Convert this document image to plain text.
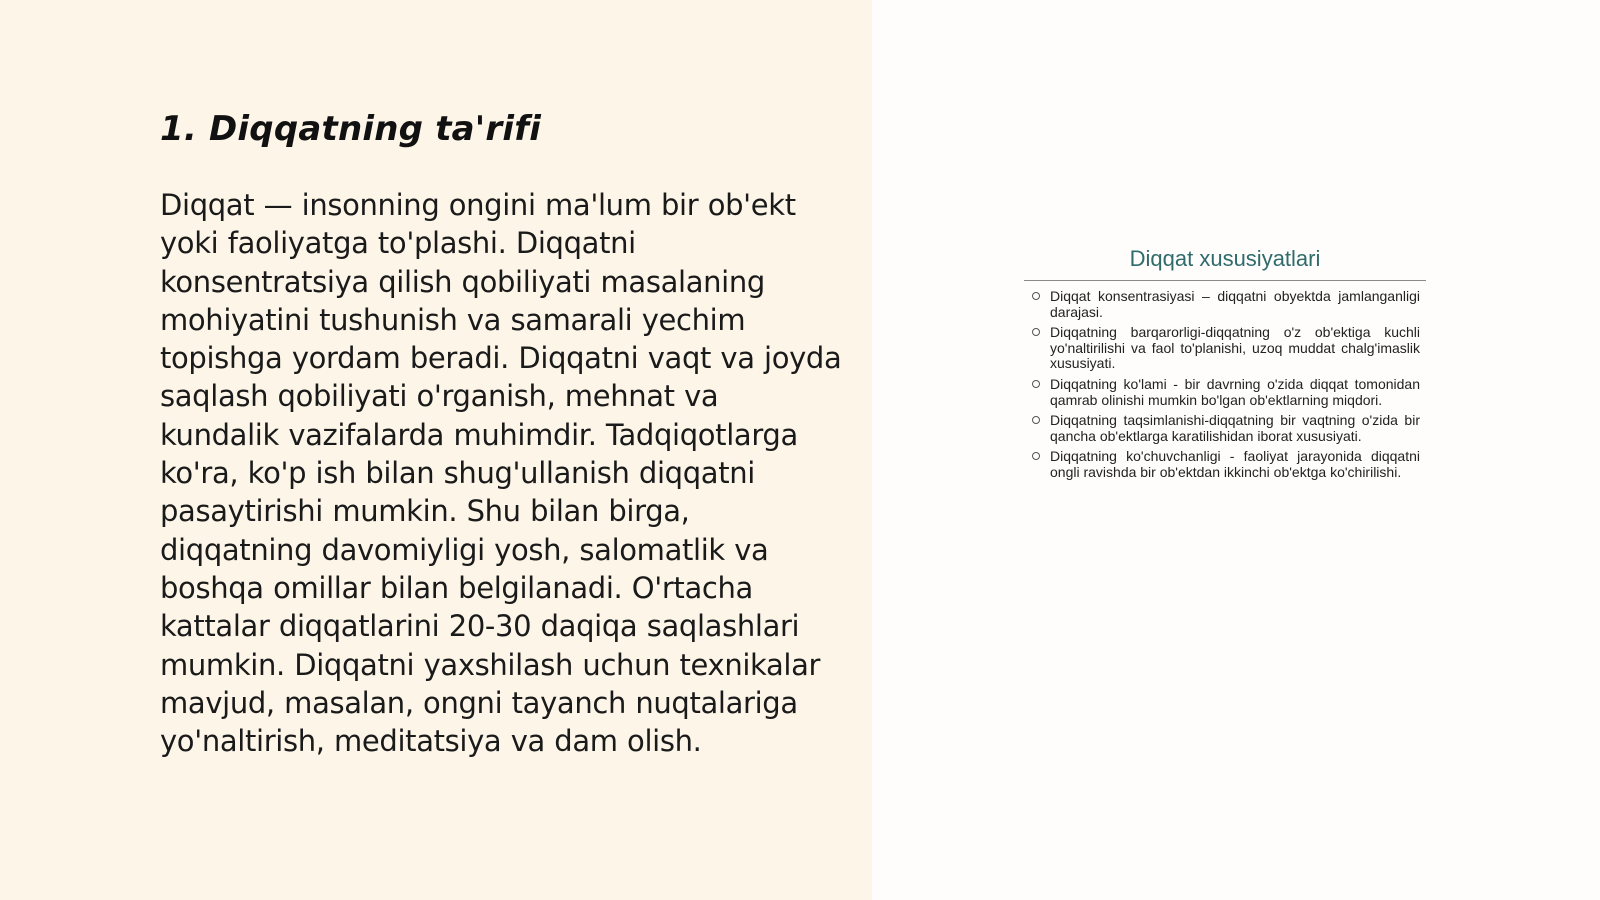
1. Diqqatning ta'rifi

Diqqat — insonning ongini ma'lum bir ob'ekt yoki faoliyatga to'plashi. Diqqatni konsentratsiya qilish qobiliyati masalaning mohiyatini tushunish va samarali yechim topishga yordam beradi. Diqqatni vaqt va joyda saqlash qobiliyati o'rganish, mehnat va kundalik vazifalarda muhimdir. Tadqiqotlarga ko'ra, ko'p ish bilan shug'ullanish diqqatni pasaytirishi mumkin. Shu bilan birga, diqqatning davomiyligi yosh, salomatlik va boshqa omillar bilan belgilanadi. O'rtacha kattalar diqqatlarini 20-30 daqiqa saqlashlari mumkin. Diqqatni yaxshilash uchun texnikalar mavjud, masalan, ongni tayanch nuqtalariga yo'naltirish, meditatsiya va dam olish.

Diqqat xususiyatlari
Diqqat konsentrasiyasi – diqqatni obyektda jamlanganligi darajasi.
Diqqatning barqarorligi-diqqatning o'z ob'ektiga kuchli yo'naltirilishi va faol to'planishi, uzoq muddat chalg'imaslik xususiyati.
Diqqatning ko'lami - bir davrning o'zida diqqat tomonidan qamrab olinishi mumkin bo'lgan ob'ektlarning miqdori.
Diqqatning taqsimlanishi-diqqatning bir vaqtning o'zida bir qancha ob'ektlarga karatilishidan iborat xususiyati.
Diqqatning ko'chuvchanligi - faoliyat jarayonida diqqatni ongli ravishda bir ob'ektdan ikkinchi ob'ektga ko'chirilishi.
